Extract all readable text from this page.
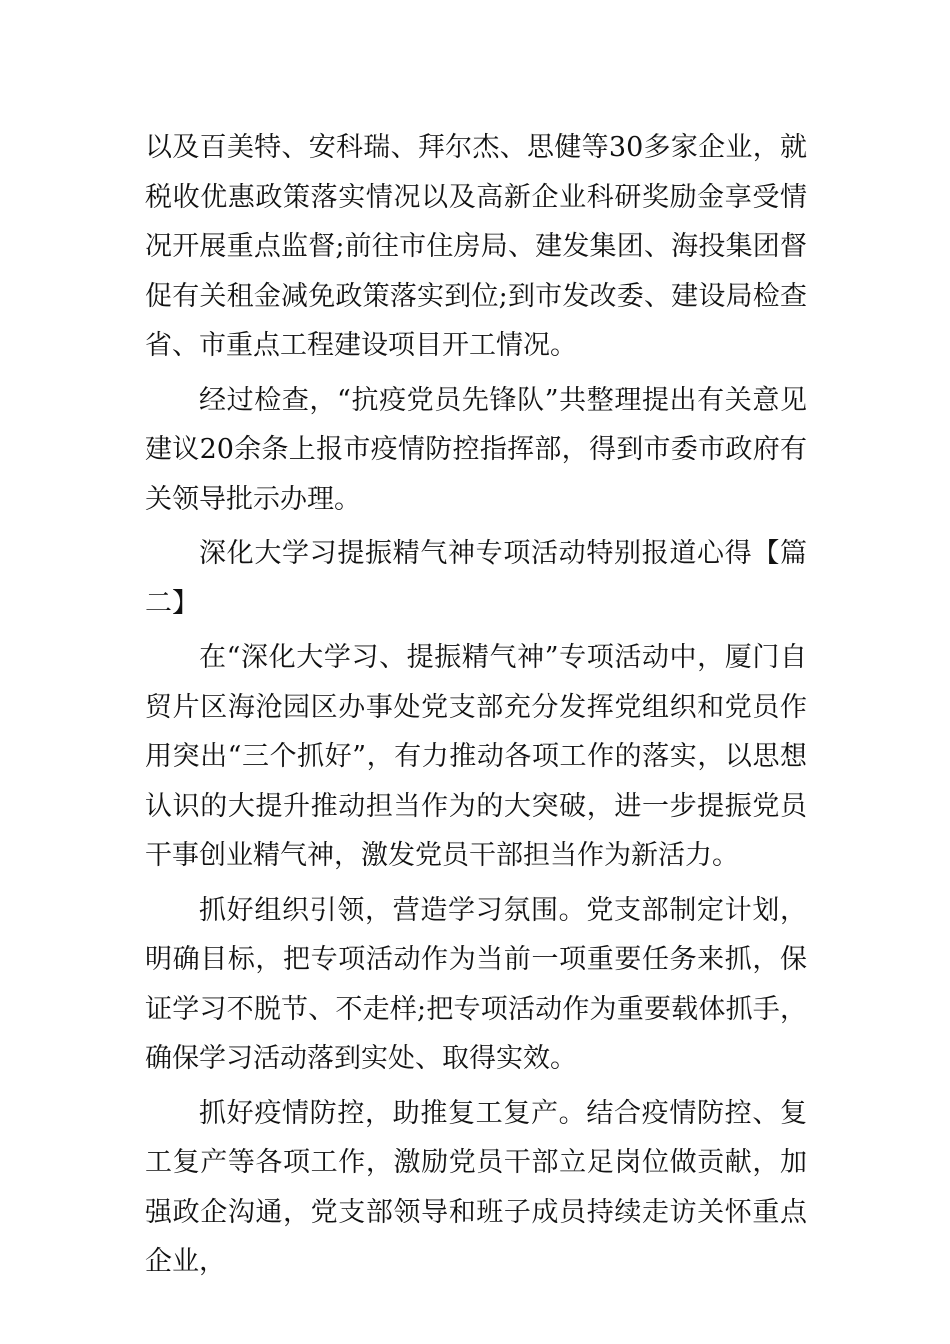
以及百美特、安科瑞、拜尔杰、思健等30多家企业，就税收优惠政策落实情况以及高新企业科研奖励金享受情况开展重点监督;前往市住房局、建发集团、海投集团督促有关租金减免政策落实到位;到市发改委、建设局检查省、市重点工程建设项目开工情况。

经过检查，“抗疫党员先锋队”共整理提出有关意见建议20余条上报市疫情防控指挥部，得到市委市政府有关领导批示办理。

深化大学习提振精气神专项活动特别报道心得【篇二】

在“深化大学习、提振精气神”专项活动中，厦门自贸片区海沧园区办事处党支部充分发挥党组织和党员作用突出“三个抓好”，有力推动各项工作的落实，以思想认识的大提升推动担当作为的大突破，进一步提振党员干事创业精气神，激发党员干部担当作为新活力。

抓好组织引领，营造学习氛围。党支部制定计划，明确目标，把专项活动作为当前一项重要任务来抓，保证学习不脱节、不走样;把专项活动作为重要载体抓手，确保学习活动落到实处、取得实效。

抓好疫情防控，助推复工复产。结合疫情防控、复工复产等各项工作，激励党员干部立足岗位做贡献，加强政企沟通，党支部领导和班子成员持续走访关怀重点企业，
